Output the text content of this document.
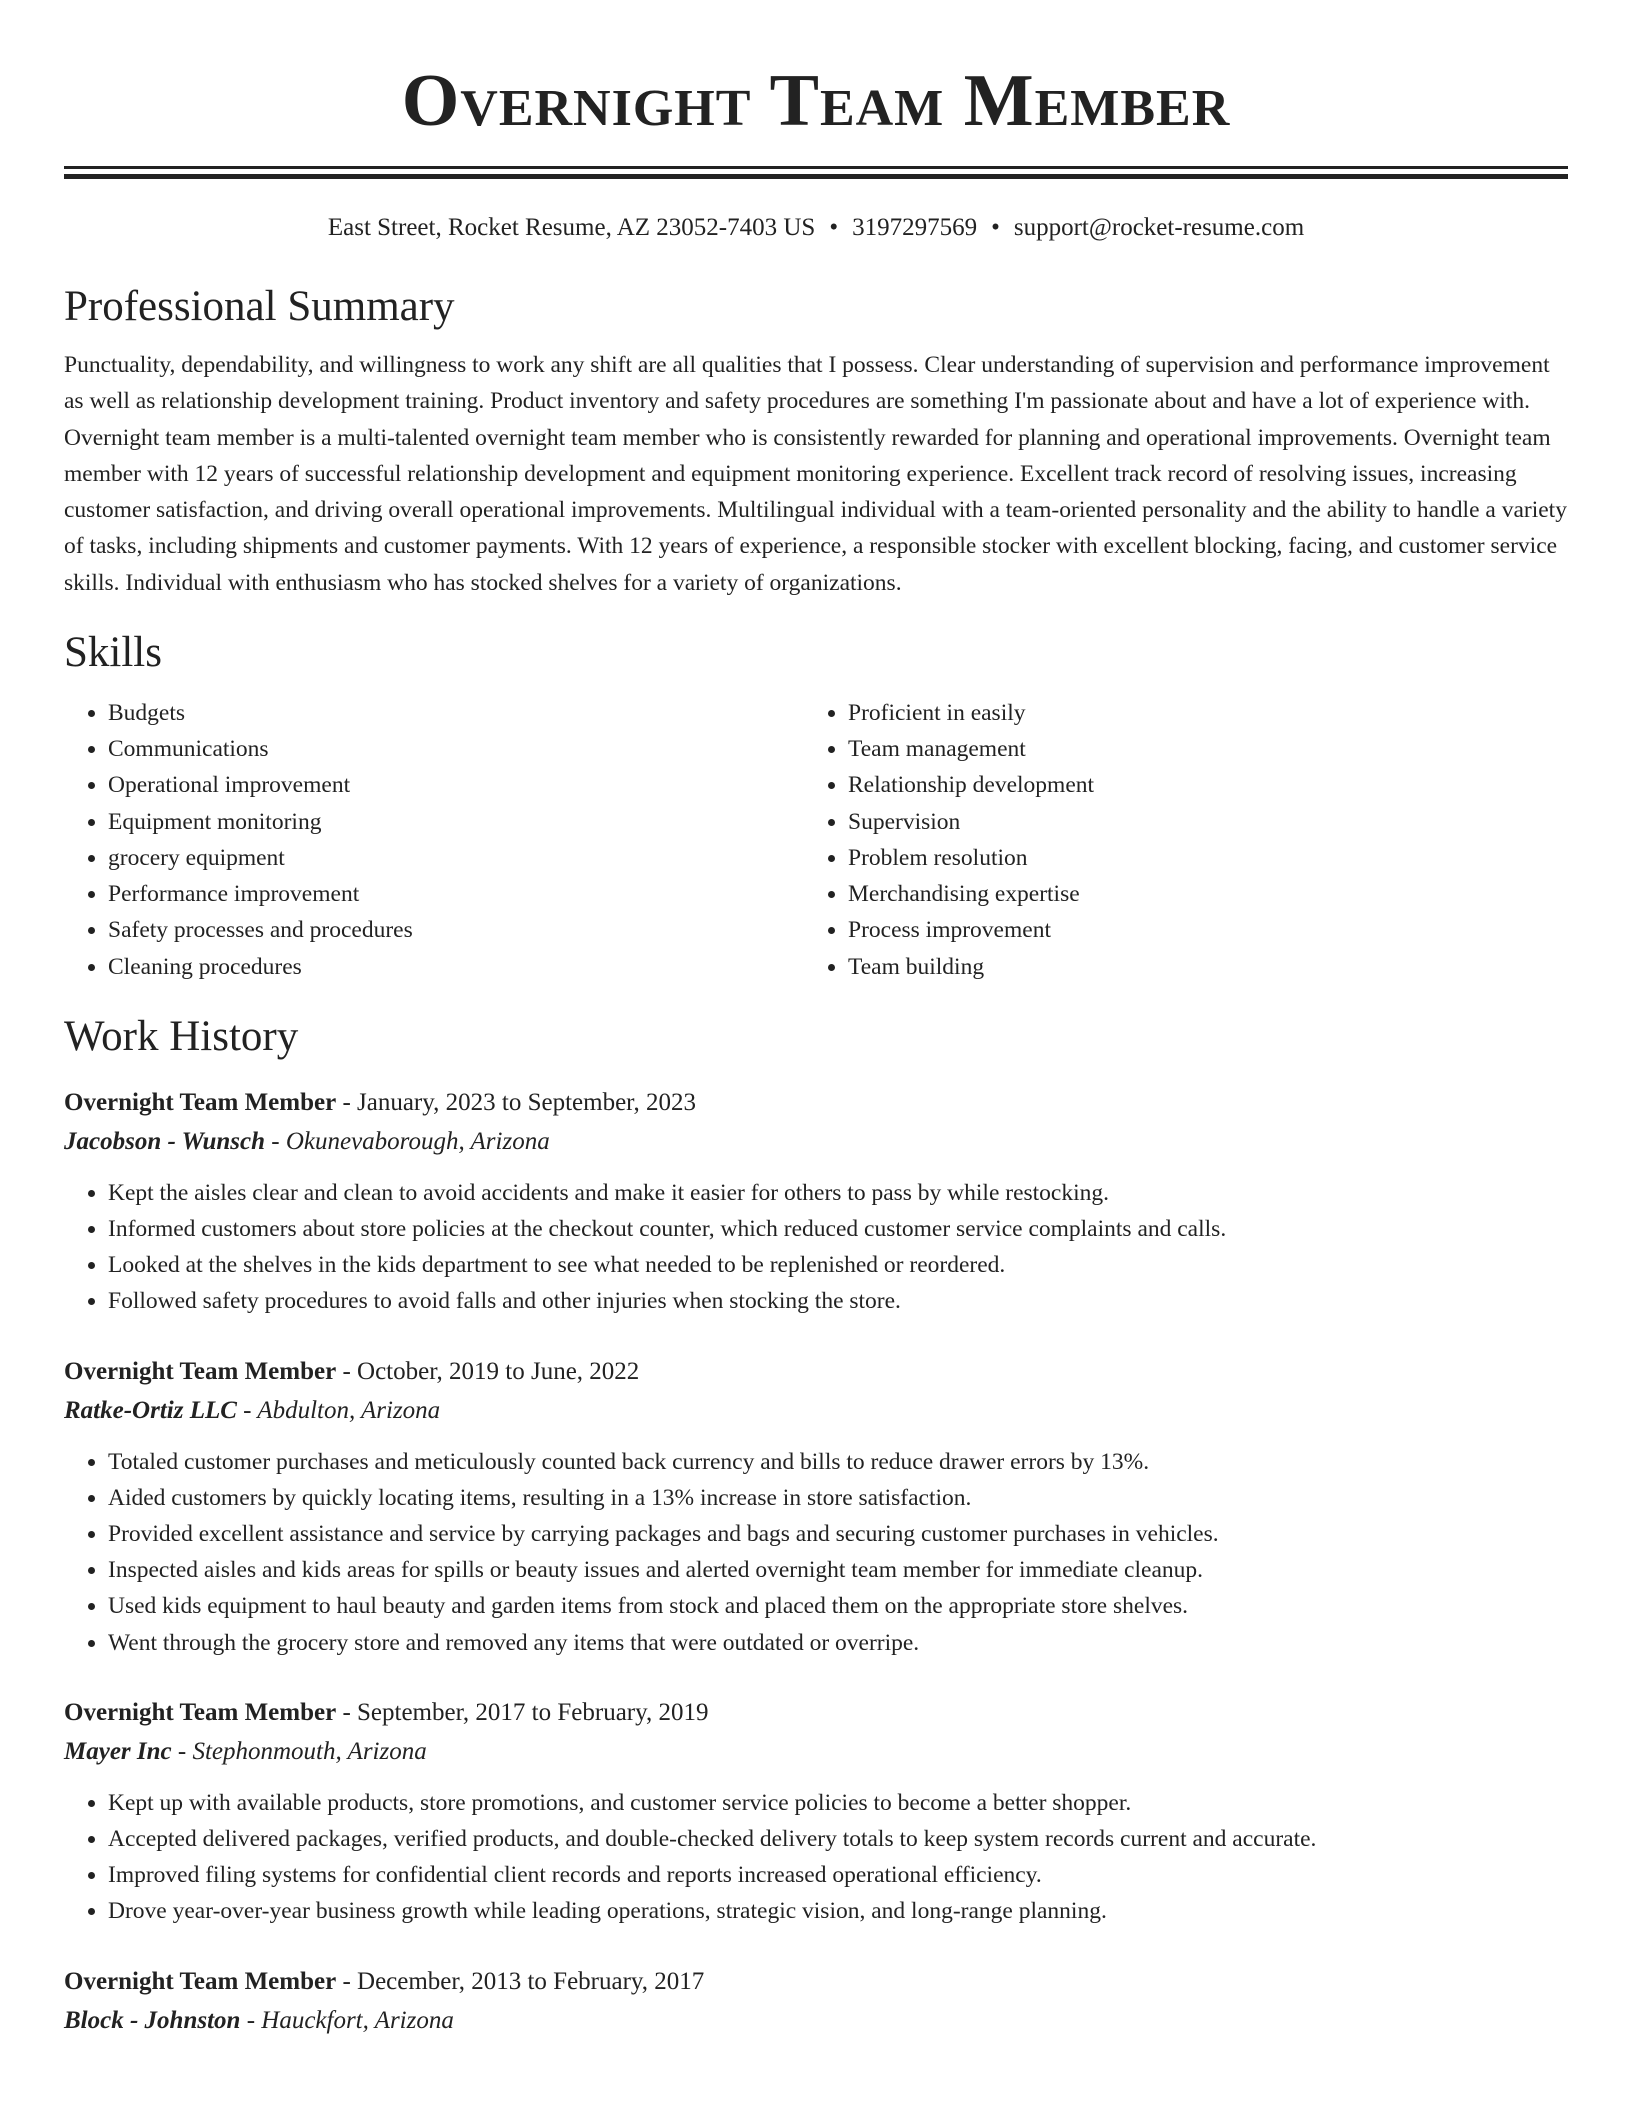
Overnight Team Member
East Street, Rocket Resume, AZ 23052-7403 US • 3197297569 • support@rocket-resume.com
Professional Summary
Punctuality, dependability, and willingness to work any shift are all qualities that I possess. Clear understanding of supervision and performance improvement as well as relationship development training. Product inventory and safety procedures are something I'm passionate about and have a lot of experience with. Overnight team member is a multi-talented overnight team member who is consistently rewarded for planning and operational improvements. Overnight team member with 12 years of successful relationship development and equipment monitoring experience. Excellent track record of resolving issues, increasing customer satisfaction, and driving overall operational improvements. Multilingual individual with a team-oriented personality and the ability to handle a variety of tasks, including shipments and customer payments. With 12 years of experience, a responsible stocker with excellent blocking, facing, and customer service skills. Individual with enthusiasm who has stocked shelves for a variety of organizations.
Skills
• Budgets
• Communications
• Operational improvement
• Equipment monitoring
• grocery equipment
• Performance improvement
• Safety processes and procedures
• Cleaning procedures
• Proficient in easily
• Team management
• Relationship development
• Supervision
• Problem resolution
• Merchandising expertise
• Process improvement
• Team building
Work History
Overnight Team Member - January, 2023 to September, 2023
Jacobson - Wunsch - Okunevaborough, Arizona
• Kept the aisles clear and clean to avoid accidents and make it easier for others to pass by while restocking.
• Informed customers about store policies at the checkout counter, which reduced customer service complaints and calls.
• Looked at the shelves in the kids department to see what needed to be replenished or reordered.
• Followed safety procedures to avoid falls and other injuries when stocking the store.
Overnight Team Member - October, 2019 to June, 2022
Ratke-Ortiz LLC - Abdulton, Arizona
• Totaled customer purchases and meticulously counted back currency and bills to reduce drawer errors by 13%.
• Aided customers by quickly locating items, resulting in a 13% increase in store satisfaction.
• Provided excellent assistance and service by carrying packages and bags and securing customer purchases in vehicles.
• Inspected aisles and kids areas for spills or beauty issues and alerted overnight team member for immediate cleanup.
• Used kids equipment to haul beauty and garden items from stock and placed them on the appropriate store shelves.
• Went through the grocery store and removed any items that were outdated or overripe.
Overnight Team Member - September, 2017 to February, 2019
Mayer Inc - Stephonmouth, Arizona
• Kept up with available products, store promotions, and customer service policies to become a better shopper.
• Accepted delivered packages, verified products, and double-checked delivery totals to keep system records current and accurate.
• Improved filing systems for confidential client records and reports increased operational efficiency.
• Drove year-over-year business growth while leading operations, strategic vision, and long-range planning.
Overnight Team Member - December, 2013 to February, 2017
Block - Johnston - Hauckfort, Arizona
